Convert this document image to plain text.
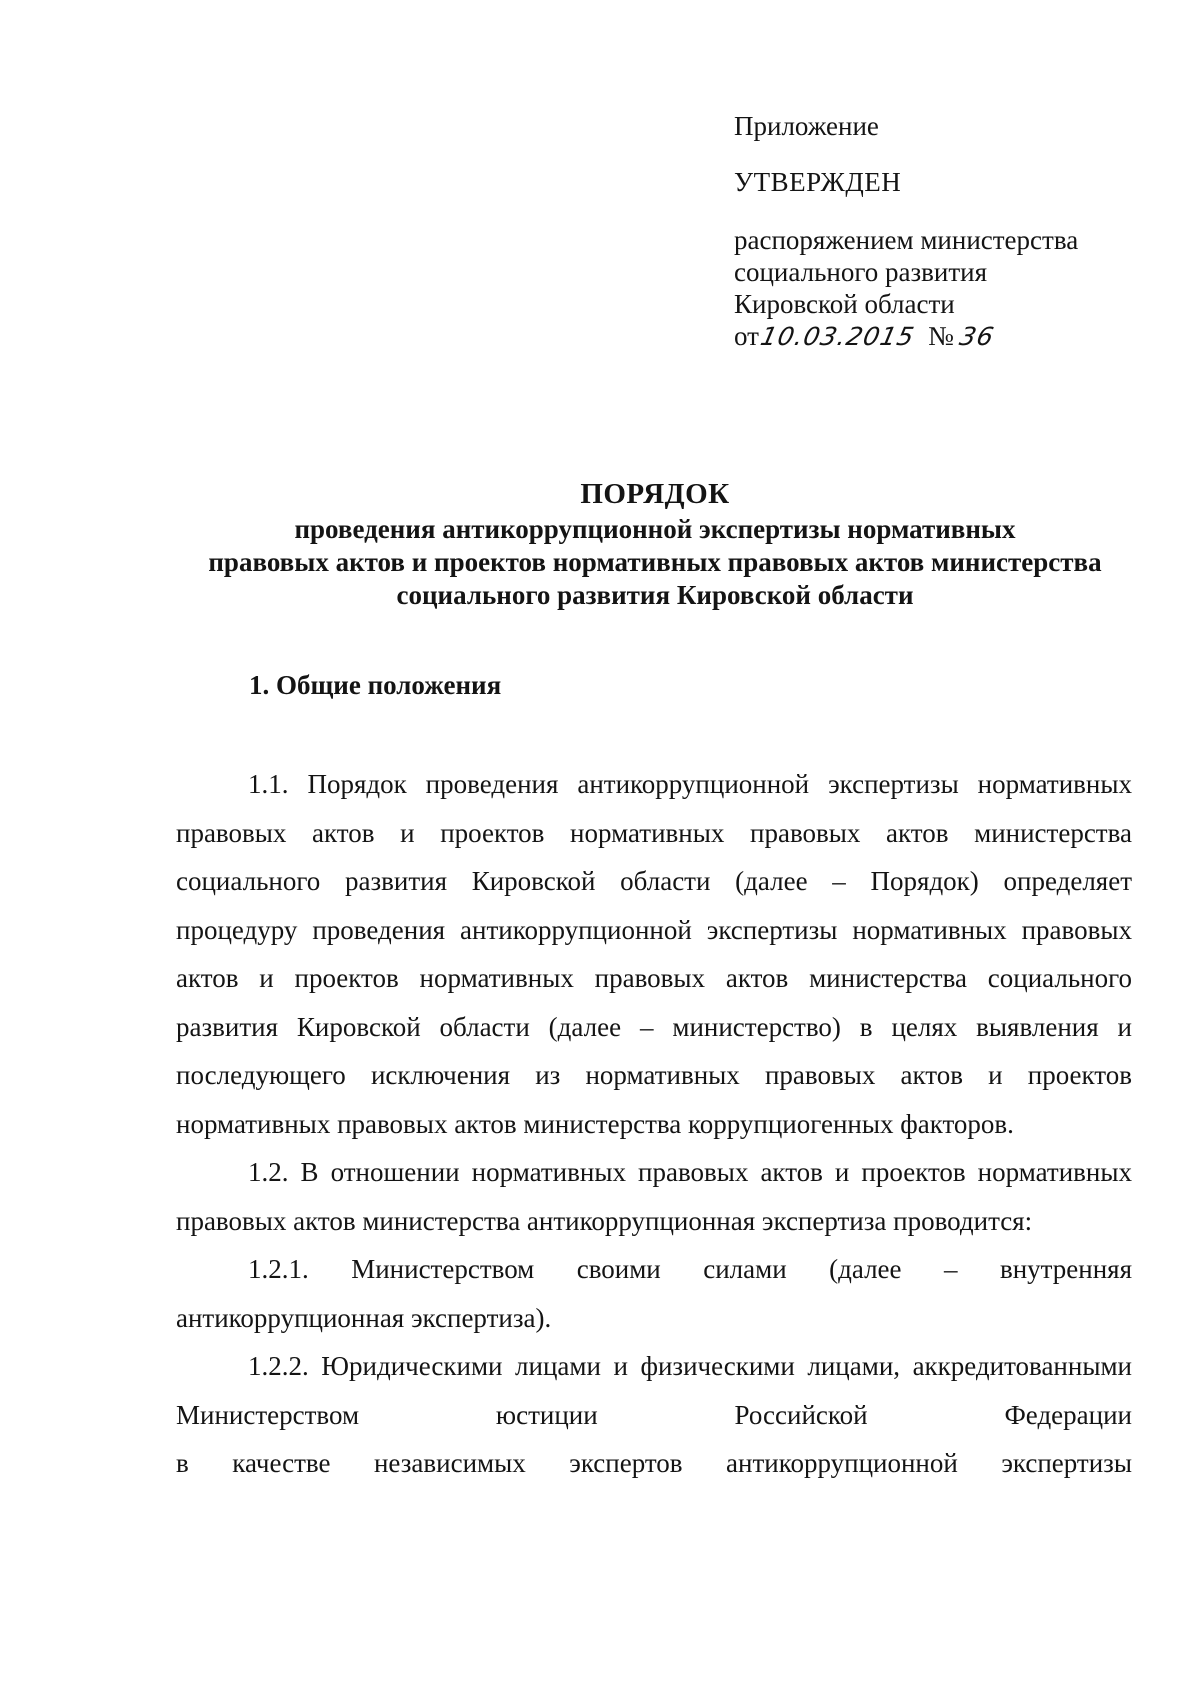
Приложение

УТВЕРЖДЕН

распоряжением министерства

социального развития

Кировской области

от10.03.2015 № 36

ПОРЯДОК

проведения антикоррупционной экспертизы нормативных

правовых актов и проектов нормативных правовых актов министерства

социального развития Кировской области

1. Общие положения

1.1. Порядок проведения антикоррупционной экспертизы нормативных правовых актов и проектов нормативных правовых актов министерства социального развития Кировской области (далее – Порядок) определяет процедуру проведения антикоррупционной экспертизы нормативных правовых актов и проектов нормативных правовых актов министерства социального развития Кировской области (далее – министерство) в целях выявления и последующего исключения из нормативных правовых актов и проектов нормативных правовых актов министерства коррупциогенных факторов.

1.2. В отношении нормативных правовых актов и проектов нормативных правовых актов министерства антикоррупционная экспертиза проводится:

1.2.1. Министерством своими силами (далее – внутренняя антикоррупционная экспертиза).

1.2.2. Юридическими лицами и физическими лицами, аккредитованными Министерством юстиции Российской Федерации

в качестве независимых экспертов антикоррупционной экспертизы
